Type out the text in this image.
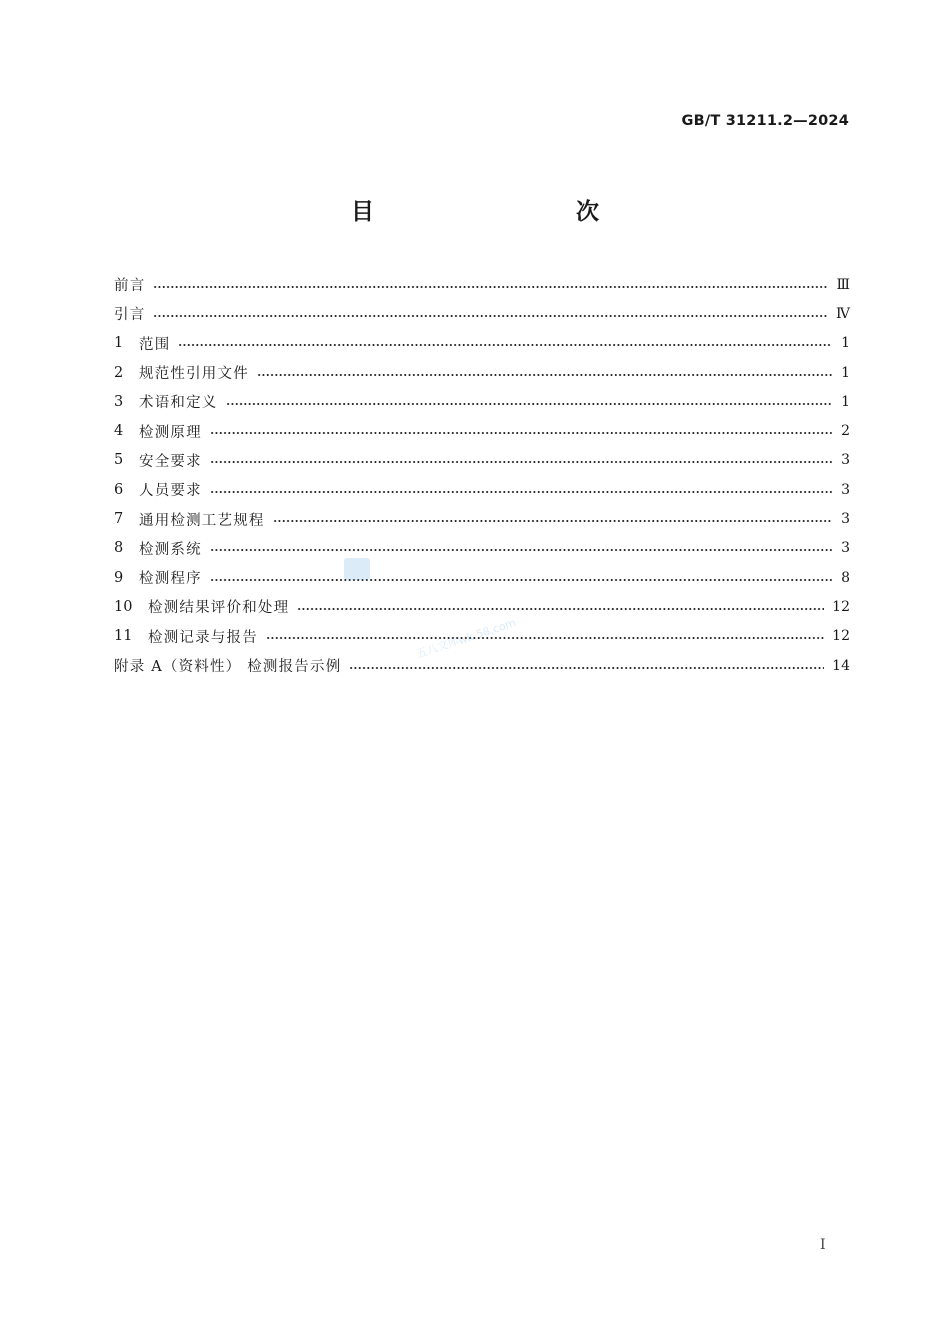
GB/T 31211.2—2024
目　　次
前言	Ⅲ
引言	Ⅳ
1	范围	1
2	规范性引用文件	1
3	术语和定义	1
4	检测原理	2
5	安全要求	3
6	人员要求	3
7	通用检测工艺规程	3
8	检测系统	3
9	检测程序	8
10	检测结果评价和处理	12
11	检测记录与报告	12
附录 A（资料性） 检测报告示例	14
五八文库wk.58.com
I
